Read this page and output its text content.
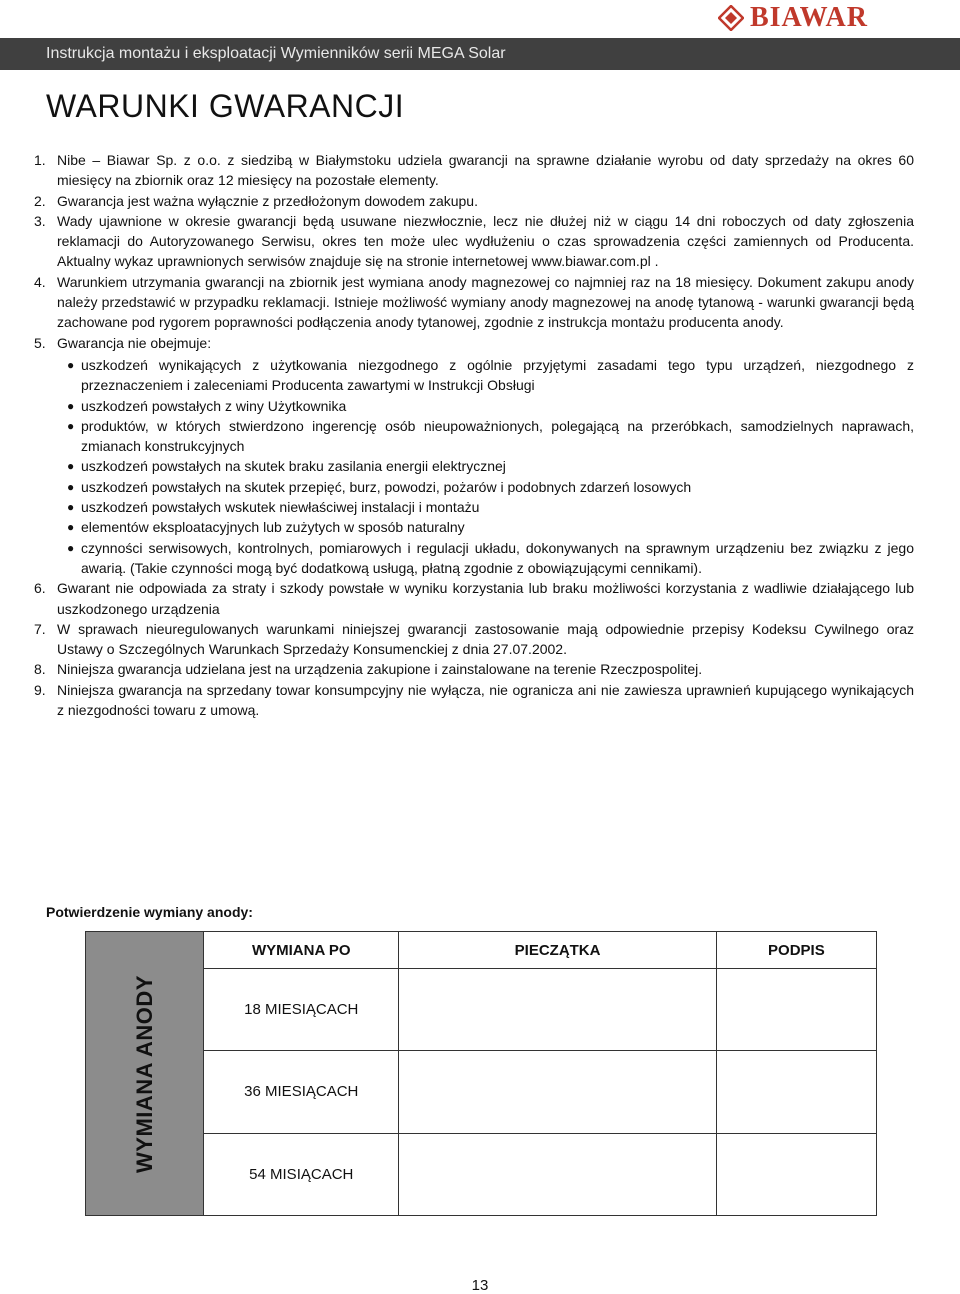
BIAWAR
Instrukcja montażu i eksploatacji Wymienników serii MEGA Solar
WARUNKI GWARANCJI
1. Nibe – Biawar Sp. z o.o. z siedzibą w Białymstoku udziela gwarancji na sprawne działanie wyrobu od daty sprzedaży na okres 60 miesięcy na zbiornik oraz 12 miesięcy na pozostałe elementy.
2. Gwarancja jest ważna wyłącznie z przedłożonym dowodem zakupu.
3. Wady ujawnione w okresie gwarancji będą usuwane niezwłocznie, lecz nie dłużej niż w ciągu 14 dni roboczych od daty zgłoszenia reklamacji do Autoryzowanego Serwisu, okres ten może ulec wydłużeniu o czas sprowadzenia części zamiennych od Producenta. Aktualny wykaz uprawnionych serwisów znajduje się na stronie internetowej www.biawar.com.pl .
4. Warunkiem utrzymania gwarancji na zbiornik jest wymiana anody magnezowej co najmniej raz na 18 miesięcy. Dokument zakupu anody należy przedstawić w przypadku reklamacji. Istnieje możliwość wymiany anody magnezowej na anodę tytanową - warunki gwarancji będą zachowane pod rygorem poprawności podłączenia anody tytanowej, zgodnie z instrukcja montażu producenta anody.
5. Gwarancja nie obejmuje:
● uszkodzeń wynikających z użytkowania niezgodnego z ogólnie przyjętymi zasadami tego typu urządzeń, niezgodnego z przeznaczeniem i zaleceniami Producenta zawartymi w Instrukcji Obsługi
● uszkodzeń powstałych z winy Użytkownika
● produktów, w których stwierdzono ingerencję osób nieupoważnionych, polegającą na przeróbkach, samodzielnych naprawach, zmianach konstrukcyjnych
● uszkodzeń powstałych na skutek braku zasilania energii elektrycznej
● uszkodzeń powstałych na skutek przepięć, burz, powodzi, pożarów i podobnych zdarzeń losowych
● uszkodzeń powstałych wskutek niewłaściwej instalacji i montażu
● elementów eksploatacyjnych lub zużytych w sposób naturalny
● czynności serwisowych, kontrolnych, pomiarowych i regulacji układu, dokonywanych na sprawnym urządzeniu bez związku z jego awarią. (Takie czynności mogą być dodatkową usługą, płatną zgodnie z obowiązującymi cennikami).
6. Gwarant nie odpowiada za straty i szkody powstałe w wyniku korzystania lub braku możliwości korzystania z wadliwie działającego lub uszkodzonego urządzenia
7. W sprawach nieuregulowanych warunkami niniejszej gwarancji zastosowanie mają odpowiednie przepisy Kodeksu Cywilnego oraz Ustawy o Szczególnych Warunkach Sprzedaży Konsumenckiej z dnia 27.07.2002.
8. Niniejsza gwarancja udzielana jest na urządzenia zakupione i zainstalowane na terenie Rzeczpospolitej.
9. Niniejsza gwarancja na sprzedany towar konsumpcyjny nie wyłącza, nie ogranicza ani nie zawiesza uprawnień kupującego wynikających z niezgodności towaru z umową.
Potwierdzenie wymiany anody:
WYMIANA ANODY	WYMIANA PO	PIECZĄTKA	PODPIS
	18 MIESIĄCACH		
	36 MIESIĄCACH		
	54 MISIĄCACH		
13
